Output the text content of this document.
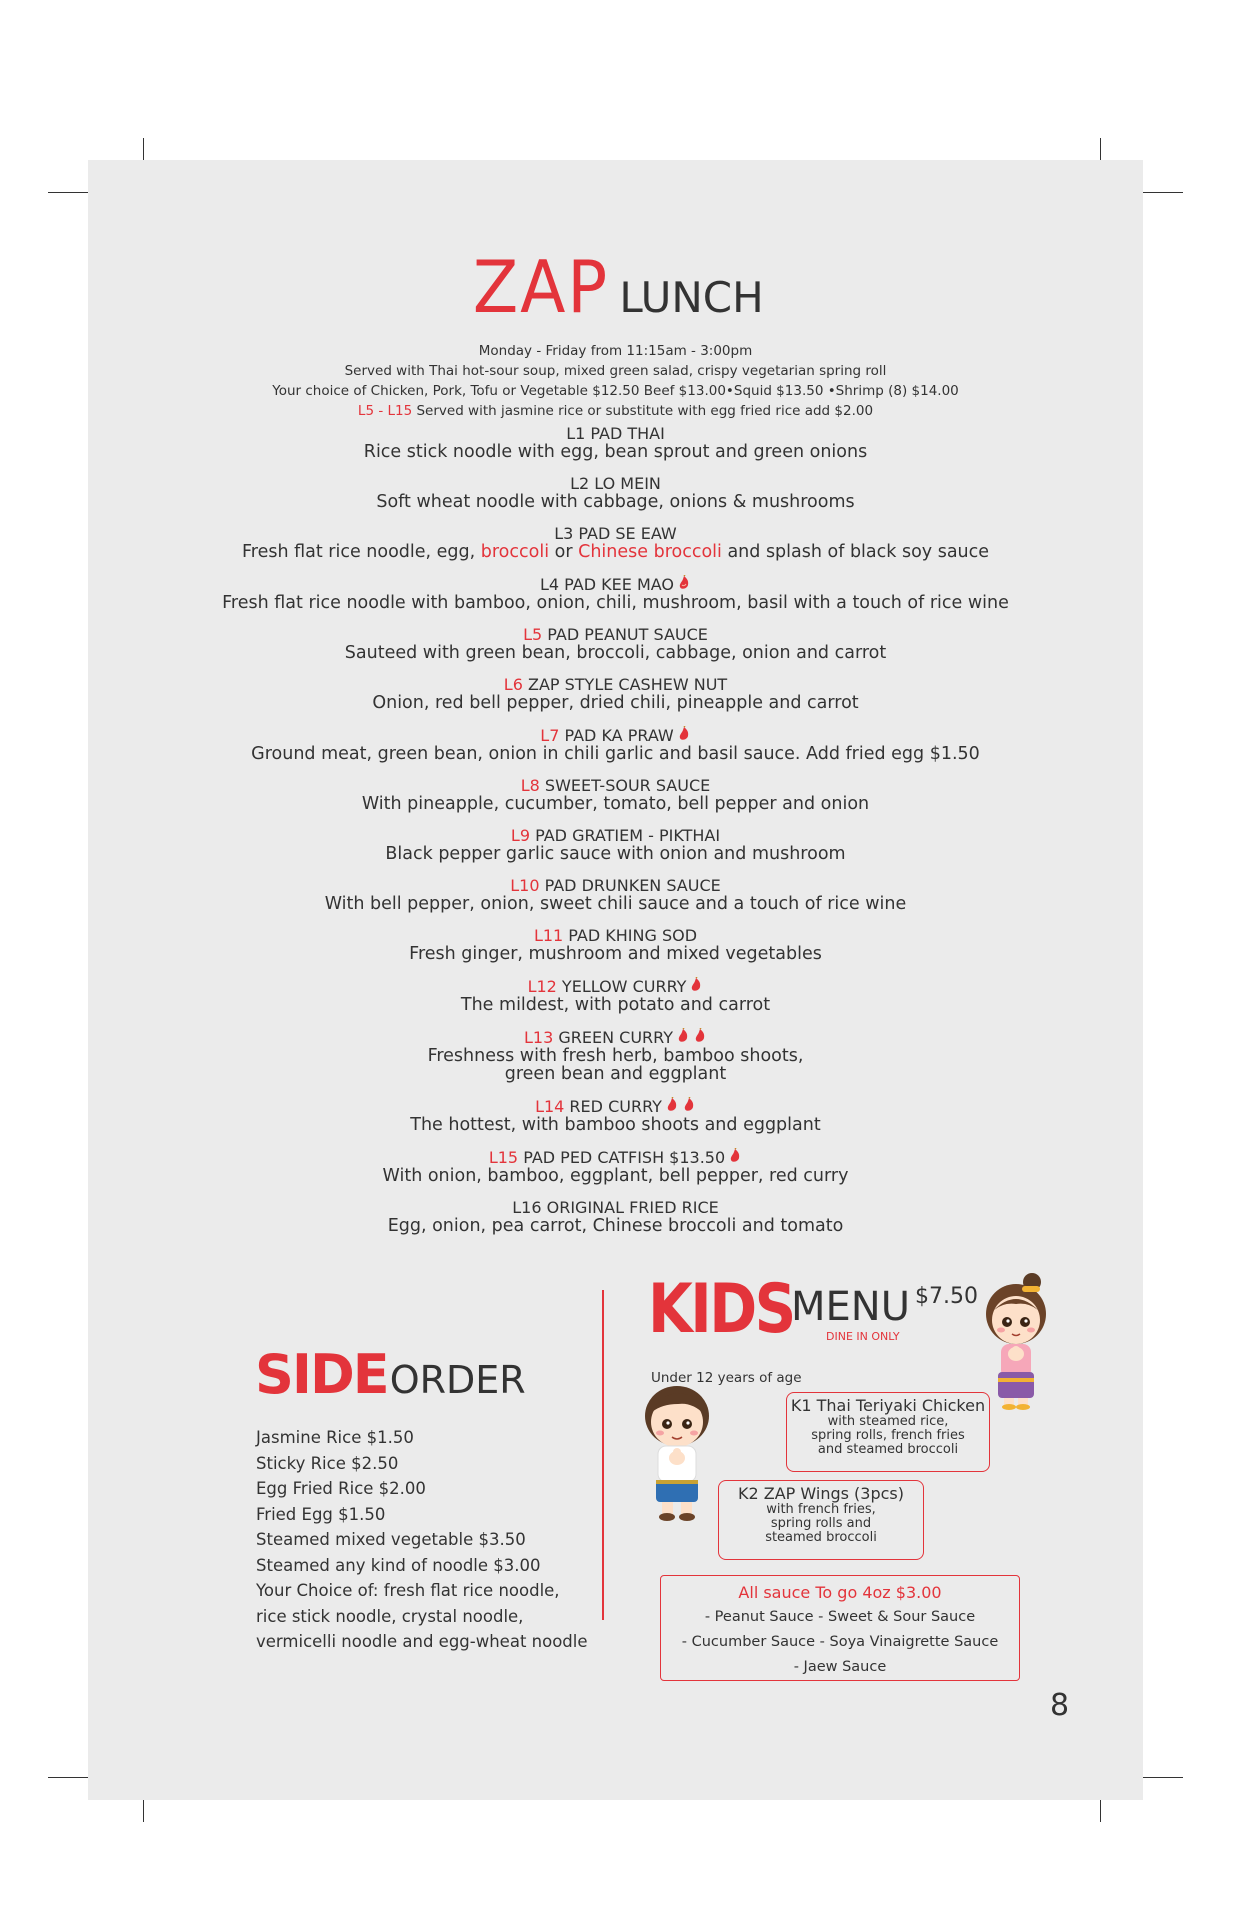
ZAP LUNCH
Monday - Friday from 11:15am - 3:00pm
Served with Thai hot-sour soup, mixed green salad, crispy vegetarian spring roll
Your choice of Chicken, Pork, Tofu or Vegetable $12.50 Beef $13.00•Squid $13.50 •Shrimp (8) $14.00
L5 - L15 Served with jasmine rice or substitute with egg fried rice add $2.00
L1 PAD THAI
Rice stick noodle with egg, bean sprout and green onions
L2 LO MEIN
Soft wheat noodle with cabbage, onions & mushrooms
L3 PAD SE EAW
Fresh flat rice noodle, egg, broccoli or Chinese broccoli and splash of black soy sauce
L4 PAD KEE MAO
Fresh flat rice noodle with bamboo, onion, chili, mushroom, basil with a touch of rice wine
L5 PAD PEANUT SAUCE
Sauteed with green bean, broccoli, cabbage, onion and carrot
L6 ZAP STYLE CASHEW NUT
Onion, red bell pepper, dried chili, pineapple and carrot
L7 PAD KA PRAW
Ground meat, green bean, onion in chili garlic and basil sauce. Add fried egg $1.50
L8 SWEET-SOUR SAUCE
With pineapple, cucumber, tomato, bell pepper and onion
L9 PAD GRATIEM - PIKTHAI
Black pepper garlic sauce with onion and mushroom
L10 PAD DRUNKEN SAUCE
With bell pepper, onion, sweet chili sauce and a touch of rice wine
L11 PAD KHING SOD
Fresh ginger, mushroom and mixed vegetables
L12 YELLOW CURRY
The mildest, with potato and carrot
L13 GREEN CURRY
Freshness with fresh herb, bamboo shoots,
green bean and eggplant
L14 RED CURRY
The hottest, with bamboo shoots and eggplant
L15 PAD PED CATFISH $13.50
With onion, bamboo, eggplant, bell pepper, red curry
L16 ORIGINAL FRIED RICE
Egg, onion, pea carrot, Chinese broccoli and tomato
SIDEORDER
Jasmine Rice $1.50
Sticky Rice $2.50
Egg Fried Rice $2.00
Fried Egg $1.50
Steamed mixed vegetable $3.50
Steamed any kind of noodle $3.00
Your Choice of: fresh flat rice noodle,
rice stick noodle, crystal noodle,
vermicelli noodle and egg-wheat noodle
KIDS
MENU $7.50
DINE IN ONLY
Under 12 years of age
K1 Thai Teriyaki Chicken
with steamed rice,
spring rolls, french fries
and steamed broccoli
K2 ZAP Wings (3pcs)
with french fries,
spring rolls and
steamed broccoli
All sauce To go 4oz $3.00
- Peanut Sauce - Sweet & Sour Sauce
- Cucumber Sauce - Soya Vinaigrette Sauce
- Jaew Sauce
8
